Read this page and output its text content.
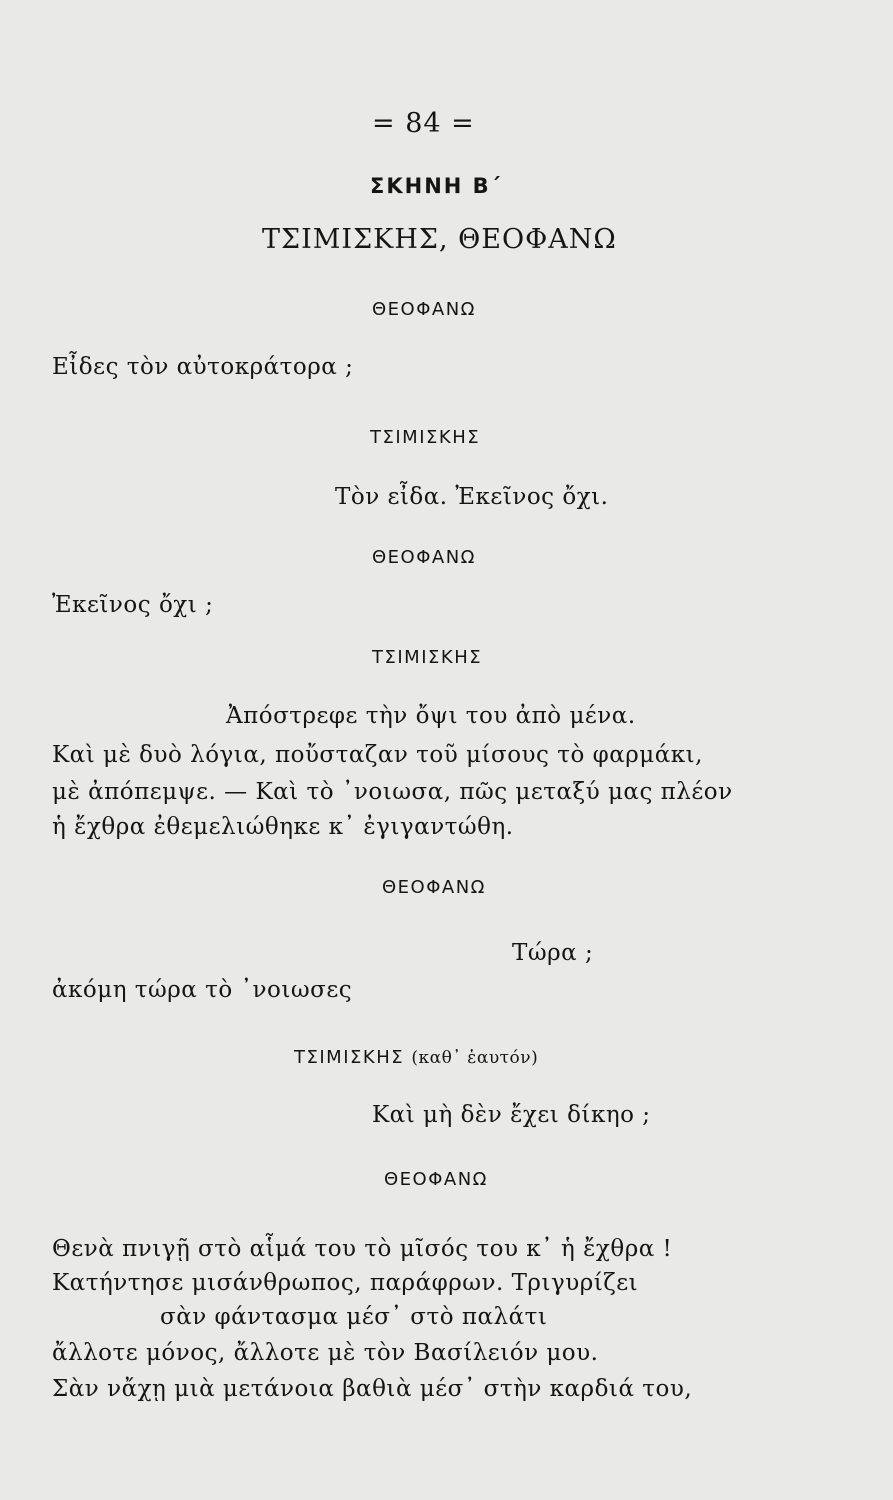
= 84 =
ΣΚΗΝΗ Β΄
ΤΣΙΜΙΣΚΗΣ, ΘΕΟΦΑΝΩ
ΘΕΟΦΑΝΩ
Εἶδες τὸν αὐτοκράτορα ;
ΤΣΙΜΙΣΚΗΣ
Τὸν εἶδα. Ἐκεῖνος ὄχι.
ΘΕΟΦΑΝΩ
Ἐκεῖνος ὄχι ;
ΤΣΙΜΙΣΚΗΣ
Ἀπόστρεφε τὴν ὄψι του ἀπὸ μένα.
Καὶ μὲ δυὸ λόγια, ποὔσταζαν τοῦ μίσους τὸ φαρμάκι,
μὲ ἀπόπεμψε. — Καὶ τὸ ᾽νοιωσα, πῶς μεταξύ μας πλέον
ἡ ἔχθρα ἐθεμελιώθηκε κ᾽ ἐγιγαντώθη.
ΘΕΟΦΑΝΩ
Τώρα ;
ἀκόμη τώρα τὸ ᾽νοιωσες
ΤΣΙΜΙΣΚΗΣ (καθ᾽ ἑαυτόν)
Καὶ μὴ δὲν ἔχει δίκηο ;
ΘΕΟΦΑΝΩ
Θενὰ πνιγῇ στὸ αἷμά του τὸ μῖσός του κ᾽ ἡ ἔχθρα !
Κατήντησε μισάνθρωπος, παράφρων. Τριγυρίζει
σὰν φάντασμα μέσ᾽ στὸ παλάτι
ἄλλοτε μόνος, ἄλλοτε μὲ τὸν Βασίλειόν μου.
Σὰν νἄχῃ μιὰ μετάνοια βαθιὰ μέσ᾽ στὴν καρδιά του,
